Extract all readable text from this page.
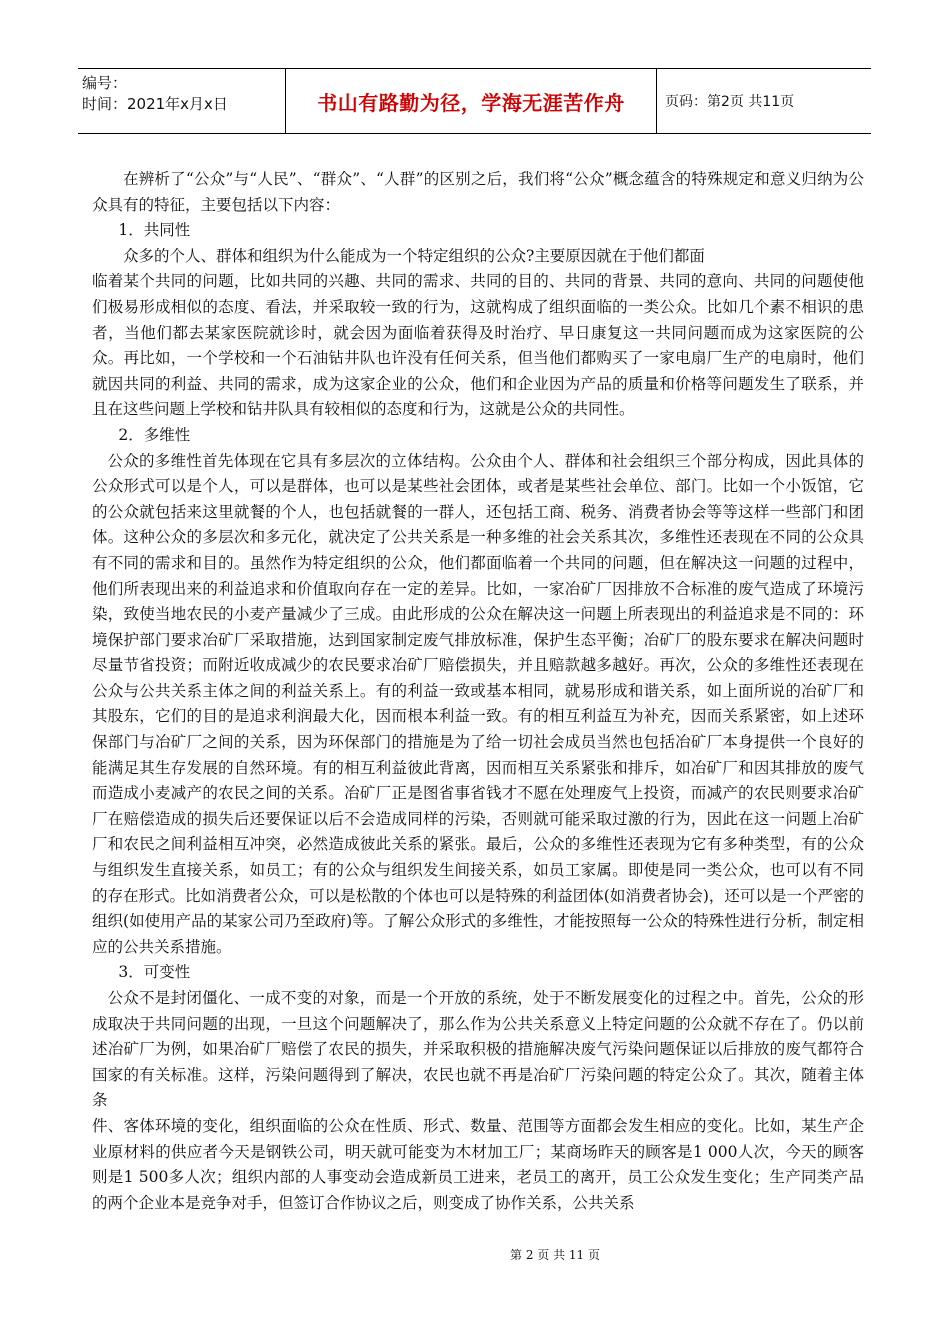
编号：
时间：2021年x月x日	书山有路勤为径，学海无涯苦作舟	页码：第2页 共11页

在辨析了“公众”与“人民”、“群众”、“人群”的区别之后，我们将“公众”概念蕴含的特殊规定和意义归纳为公众具有的特征，主要包括以下内容：

1．共同性

众多的个人、群体和组织为什么能成为一个特定组织的公众?主要原因就在于他们都面

临着某个共同的问题，比如共同的兴趣、共同的需求、共同的目的、共同的背景、共同的意向、共同的问题使他们极易形成相似的态度、看法，并采取较一致的行为，这就构成了组织面临的一类公众。比如几个素不相识的患者，当他们都去某家医院就诊时，就会因为面临着获得及时治疗、早日康复这一共同问题而成为这家医院的公众。再比如，一个学校和一个石油钻井队也许没有任何关系，但当他们都购买了一家电扇厂生产的电扇时，他们就因共同的利益、共同的需求，成为这家企业的公众，他们和企业因为产品的质量和价格等问题发生了联系，并且在这些问题上学校和钻井队具有较相似的态度和行为，这就是公众的共同性。

2．多维性

公众的多维性首先体现在它具有多层次的立体结构。公众由个人、群体和社会组织三个部分构成，因此具体的公众形式可以是个人，可以是群体，也可以是某些社会团体，或者是某些社会单位、部门。比如一个小饭馆，它的公众就包括来这里就餐的个人，也包括就餐的一群人，还包括工商、税务、消费者协会等等这样一些部门和团体。这种公众的多层次和多元化，就决定了公共关系是一种多维的社会关系其次，多维性还表现在不同的公众具有不同的需求和目的。虽然作为特定组织的公众，他们都面临着一个共同的问题，但在解决这一问题的过程中，他们所表现出来的利益追求和价值取向存在一定的差异。比如，一家冶矿厂因排放不合标准的废气造成了环境污染，致使当地农民的小麦产量减少了三成。由此形成的公众在解决这一问题上所表现出的利益追求是不同的：环境保护部门要求冶矿厂采取措施，达到国家制定废气排放标准，保护生态平衡；冶矿厂的股东要求在解决问题时尽量节省投资；而附近收成减少的农民要求冶矿厂赔偿损失，并且赔款越多越好。再次，公众的多维性还表现在公众与公共关系主体之间的利益关系上。有的利益一致或基本相同，就易形成和谐关系，如上面所说的冶矿厂和其股东，它们的目的是追求利润最大化，因而根本利益一致。有的相互利益互为补充，因而关系紧密，如上述环保部门与冶矿厂之间的关系，因为环保部门的措施是为了给一切社会成员当然也包括冶矿厂本身提供一个良好的能满足其生存发展的自然环境。有的相互利益彼此背离，因而相互关系紧张和排斥，如冶矿厂和因其排放的废气而造成小麦减产的农民之间的关系。冶矿厂正是图省事省钱才不愿在处理废气上投资，而减产的农民则要求冶矿厂在赔偿造成的损失后还要保证以后不会造成同样的污染，否则就可能采取过激的行为，因此在这一问题上冶矿厂和农民之间利益相互冲突，必然造成彼此关系的紧张。最后，公众的多维性还表现为它有多种类型，有的公众与组织发生直接关系，如员工；有的公众与组织发生间接关系，如员工家属。即使是同一类公众，也可以有不同的存在形式。比如消费者公众，可以是松散的个体也可以是特殊的利益团体(如消费者协会)，还可以是一个严密的组织(如使用产品的某家公司乃至政府)等。了解公众形式的多维性，才能按照每一公众的特殊性进行分析，制定相应的公共关系措施。

3．可变性

公众不是封闭僵化、一成不变的对象，而是一个开放的系统，处于不断发展变化的过程之中。首先，公众的形成取决于共同问题的出现，一旦这个问题解决了，那么作为公共关系意义上特定问题的公众就不存在了。仍以前述冶矿厂为例，如果冶矿厂赔偿了农民的损失，并采取积极的措施解决废气污染问题保证以后排放的废气都符合国家的有关标准。这样，污染问题得到了解决，农民也就不再是冶矿厂污染问题的特定公众了。其次，随着主体条

件、客体环境的变化，组织面临的公众在性质、形式、数量、范围等方面都会发生相应的变化。比如，某生产企业原材料的供应者今天是钢铁公司，明天就可能变为木材加工厂；某商场昨天的顾客是1 000人次，今天的顾客则是1 500多人次；组织内部的人事变动会造成新员工进来，老员工的离开，员工公众发生变化；生产同类产品的两个企业本是竞争对手，但签订合作协议之后，则变成了协作关系，公共关系

第 2 页 共 11 页
